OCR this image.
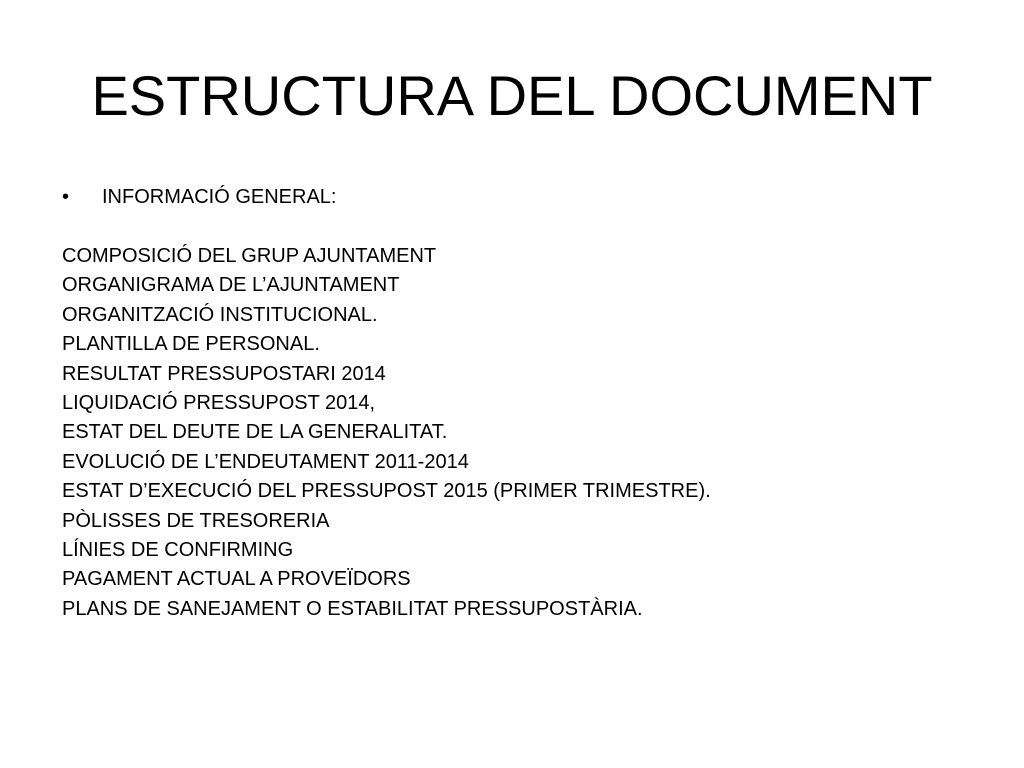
ESTRUCTURA DEL DOCUMENT
•	INFORMACIÓ GENERAL:
COMPOSICIÓ DEL GRUP AJUNTAMENT
ORGANIGRAMA DE L’AJUNTAMENT
ORGANITZACIÓ INSTITUCIONAL.
PLANTILLA DE PERSONAL.
RESULTAT PRESSUPOSTARI 2014
LIQUIDACIÓ PRESSUPOST 2014,
ESTAT DEL DEUTE DE LA GENERALITAT.
EVOLUCIÓ DE L’ENDEUTAMENT 2011-2014
ESTAT D’EXECUCIÓ DEL PRESSUPOST 2015 (PRIMER TRIMESTRE).
PÒLISSES DE TRESORERIA
LÍNIES DE CONFIRMING
PAGAMENT ACTUAL A PROVEÏDORS
PLANS DE SANEJAMENT O ESTABILITAT PRESSUPOSTÀRIA.
